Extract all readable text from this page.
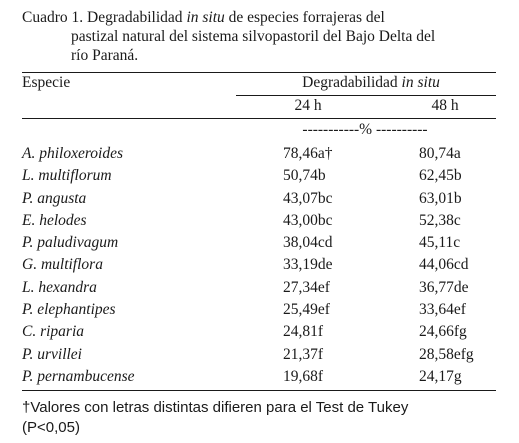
Cuadro 1. Degradabilidad in situ de especies forrajeras del
pastizal natural del sistema silvopastoril del Bajo Delta del
río Paraná.
Especie	Degradabilidad in situ
24 h	48 h
-----------% ----------
A. philoxeroides	78,46a†	80,74a
L. multiflorum	50,74b	62,45b
P. angusta	43,07bc	63,01b
E. helodes	43,00bc	52,38c
P. paludivagum	38,04cd	45,11c
G. multiflora	33,19de	44,06cd
L. hexandra	27,34ef	36,77de
P. elephantipes	25,49ef	33,64ef
C. riparia	24,81f	24,66fg
P. urvillei	21,37f	28,58efg
P. pernambucense	19,68f	24,17g
†Valores con letras distintas difieren para el Test de Tukey
(P<0,05)
